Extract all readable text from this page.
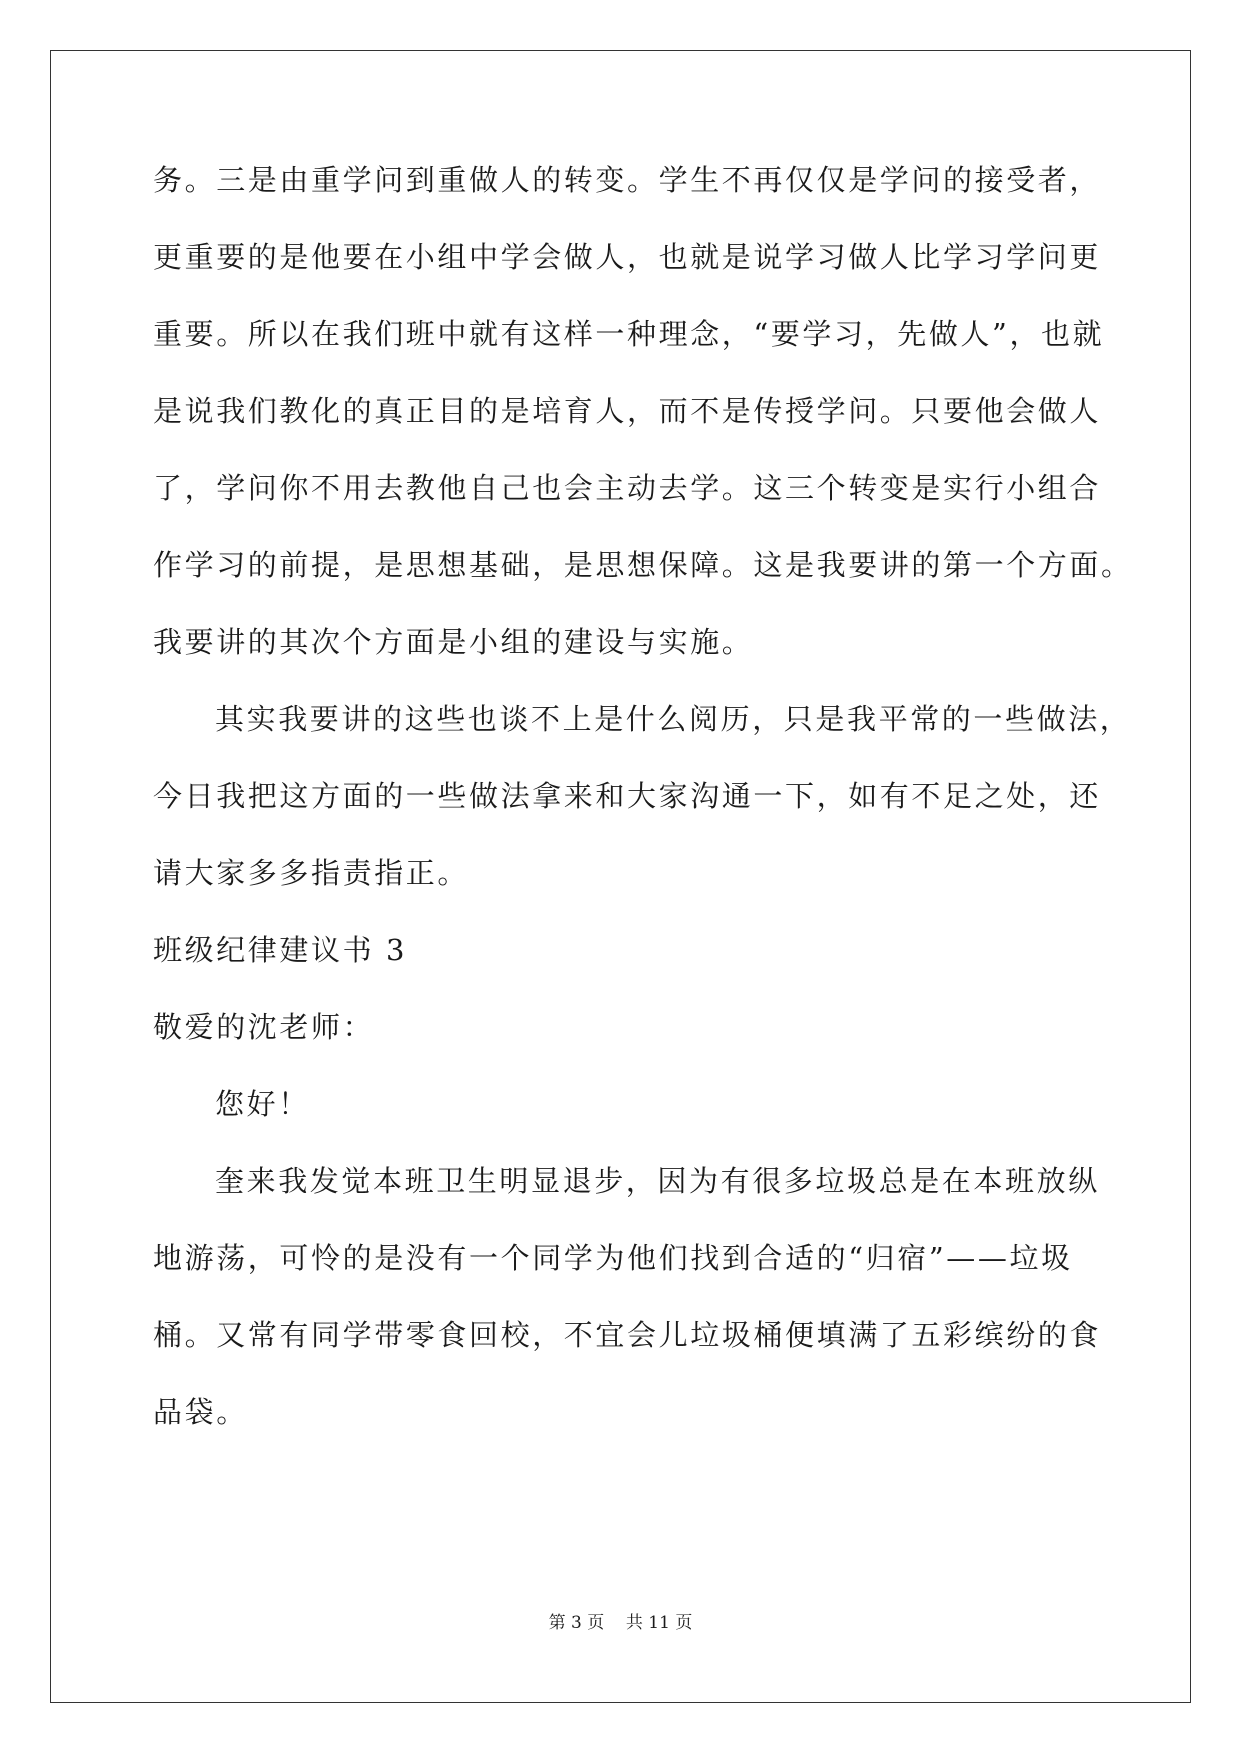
务。三是由重学问到重做人的转变。学生不再仅仅是学问的接受者，
更重要的是他要在小组中学会做人，也就是说学习做人比学习学问更
重要。所以在我们班中就有这样一种理念，“要学习，先做人”，也就
是说我们教化的真正目的是培育人，而不是传授学问。只要他会做人
了，学问你不用去教他自己也会主动去学。这三个转变是实行小组合
作学习的前提，是思想基础，是思想保障。这是我要讲的第一个方面。
我要讲的其次个方面是小组的建设与实施。
其实我要讲的这些也谈不上是什么阅历，只是我平常的一些做法，
今日我把这方面的一些做法拿来和大家沟通一下，如有不足之处，还
请大家多多指责指正。
班级纪律建议书 3
敬爱的沈老师：
您好！
奎来我发觉本班卫生明显退步，因为有很多垃圾总是在本班放纵
地游荡，可怜的是没有一个同学为他们找到合适的“归宿”——垃圾
桶。又常有同学带零食回校，不宜会儿垃圾桶便填满了五彩缤纷的食
品袋。
第 3 页 共 11 页
